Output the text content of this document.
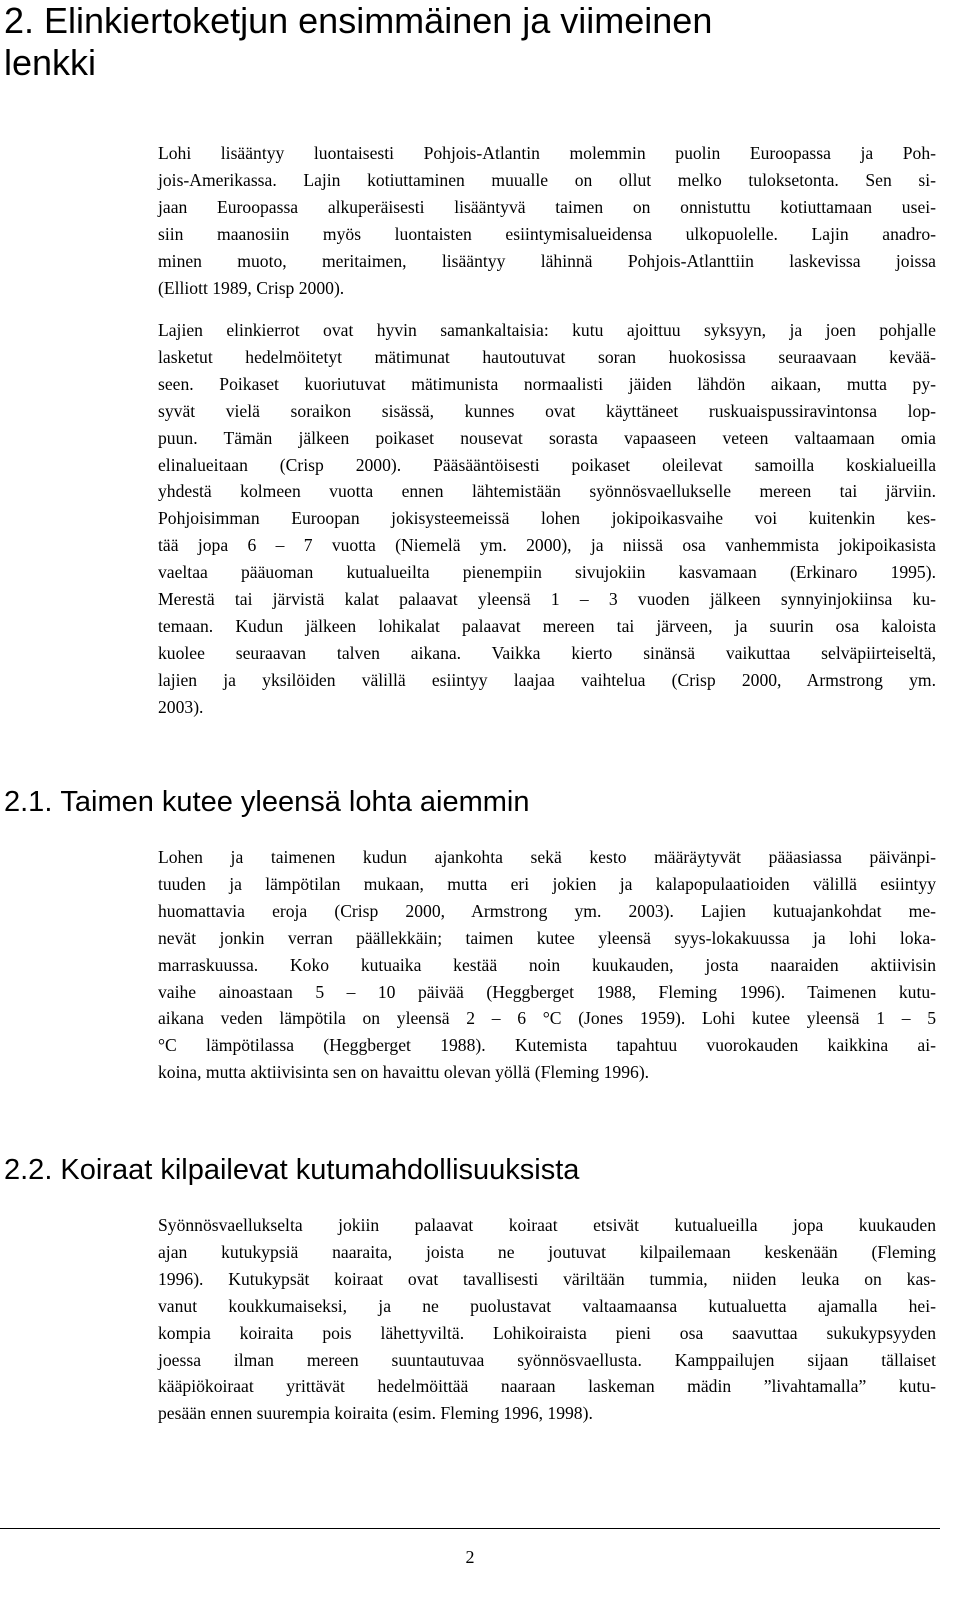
2. Elinkiertoketjun ensimmäinen ja viimeinen
lenkki

Lohi lisääntyy luontaisesti Pohjois-Atlantin molemmin puolin Euroopassa ja Poh-
jois-Amerikassa. Lajin kotiuttaminen muualle on ollut melko tuloksetonta. Sen si-
jaan Euroopassa alkuperäisesti lisääntyvä taimen on onnistuttu kotiuttamaan usei-
siin maanosiin myös luontaisten esiintymisalueidensa ulkopuolelle. Lajin anadro-
minen muoto, meritaimen, lisääntyy lähinnä Pohjois-Atlanttiin laskevissa joissa
(Elliott 1989, Crisp 2000).

Lajien elinkierrot ovat hyvin samankaltaisia: kutu ajoittuu syksyyn, ja joen pohjalle
lasketut hedelmöitetyt mätimunat hautoutuvat soran huokosissa seuraavaan kevää-
seen. Poikaset kuoriutuvat mätimunista normaalisti jäiden lähdön aikaan, mutta py-
syvät vielä soraikon sisässä, kunnes ovat käyttäneet ruskuaispussiravintonsa lop-
puun. Tämän jälkeen poikaset nousevat sorasta vapaaseen veteen valtaamaan omia
elinalueitaan (Crisp 2000). Pääsääntöisesti poikaset oleilevat samoilla koskialueilla
yhdestä kolmeen vuotta ennen lähtemistään syönnösvaellukselle mereen tai järviin.
Pohjoisimman Euroopan jokisysteemeissä lohen jokipoikasvaihe voi kuitenkin kes-
tää jopa 6 – 7 vuotta (Niemelä ym. 2000), ja niissä osa vanhemmista jokipoikasista
vaeltaa pääuoman kutualueilta pienempiin sivujokiin kasvamaan (Erkinaro 1995).
Merestä tai järvistä kalat palaavat yleensä 1 – 3 vuoden jälkeen synnyinjokiinsa ku-
temaan. Kudun jälkeen lohikalat palaavat mereen tai järveen, ja suurin osa kaloista
kuolee seuraavan talven aikana. Vaikka kierto sinänsä vaikuttaa selväpiirteiseltä,
lajien ja yksilöiden välillä esiintyy laajaa vaihtelua (Crisp 2000, Armstrong ym.
2003).

2.1. Taimen kutee yleensä lohta aiemmin

Lohen ja taimenen kudun ajankohta sekä kesto määräytyvät pääasiassa päivänpi-
tuuden ja lämpötilan mukaan, mutta eri jokien ja kalapopulaatioiden välillä esiintyy
huomattavia eroja (Crisp 2000, Armstrong ym. 2003). Lajien kutuajankohdat me-
nevät jonkin verran päällekkäin; taimen kutee yleensä syys-lokakuussa ja lohi loka-
marraskuussa. Koko kutuaika kestää noin kuukauden, josta naaraiden aktiivisin
vaihe ainoastaan 5 – 10 päivää (Heggberget 1988, Fleming 1996). Taimenen kutu-
aikana veden lämpötila on yleensä 2 – 6 °C (Jones 1959). Lohi kutee yleensä 1 – 5
°C lämpötilassa (Heggberget 1988). Kutemista tapahtuu vuorokauden kaikkina ai-
koina, mutta aktiivisinta sen on havaittu olevan yöllä (Fleming 1996).

2.2. Koiraat kilpailevat kutumahdollisuuksista

Syönnösvaellukselta jokiin palaavat koiraat etsivät kutualueilla jopa kuukauden
ajan kutukypsiä naaraita, joista ne joutuvat kilpailemaan keskenään (Fleming
1996). Kutukypsät koiraat ovat tavallisesti väriltään tummia, niiden leuka on kas-
vanut koukkumaiseksi, ja ne puolustavat valtaamaansa kutualuetta ajamalla hei-
kompia koiraita pois lähettyviltä. Lohikoiraista pieni osa saavuttaa sukukypsyyden
joessa ilman mereen suuntautuvaa syönnösvaellusta. Kamppailujen sijaan tällaiset
kääpiökoiraat yrittävät hedelmöittää naaraan laskeman mädin ”livahtamalla” kutu-
pesään ennen suurempia koiraita (esim. Fleming 1996, 1998).

2
